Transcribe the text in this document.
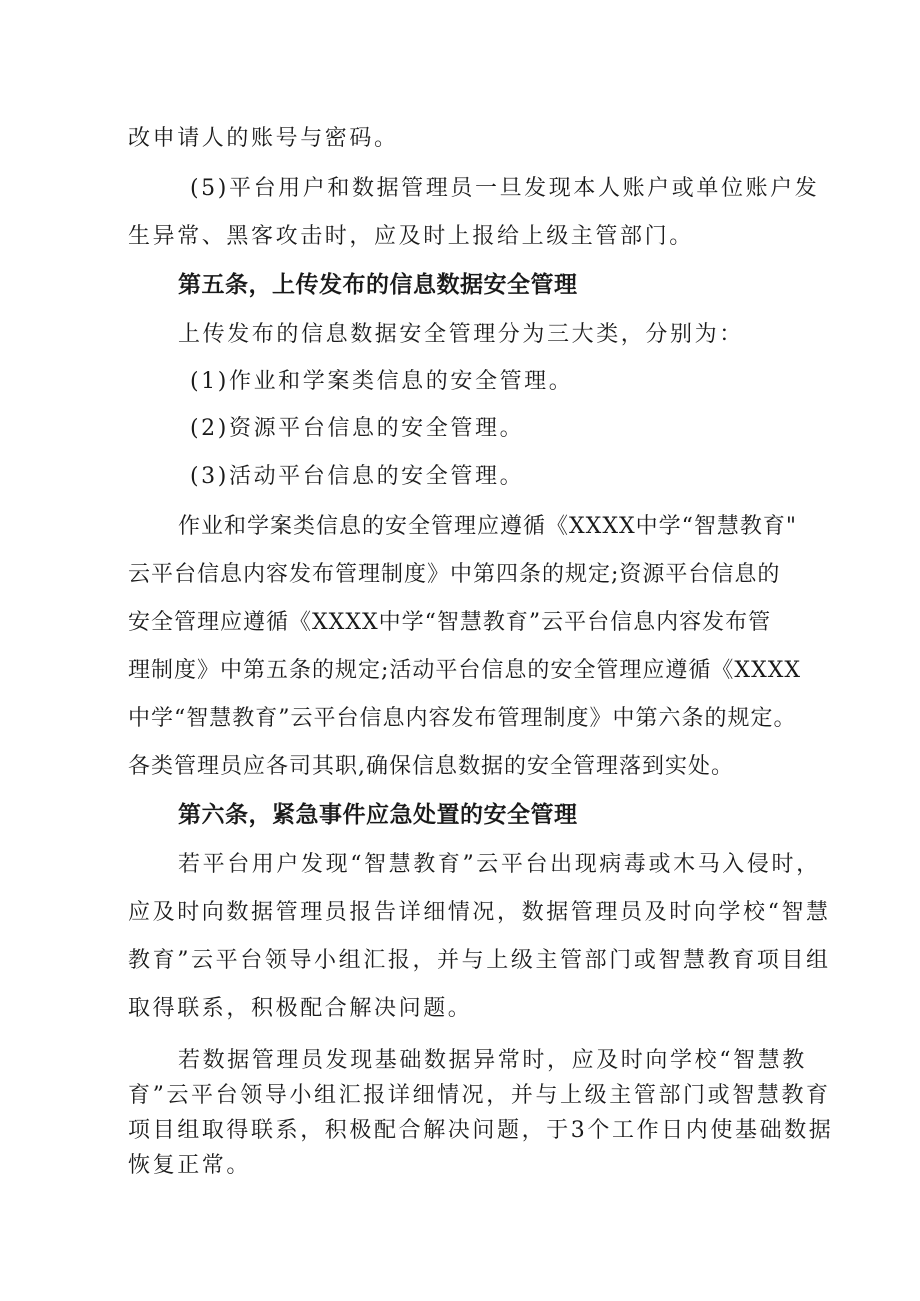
改申请人的账号与密码。

(5)平台用户和数据管理员一旦发现本人账户或单位账户发

生异常、黑客攻击时，应及时上报给上级主管部门。

第五条，上传发布的信息数据安全管理

上传发布的信息数据安全管理分为三大类，分别为：

(1)作业和学案类信息的安全管理。

(2)资源平台信息的安全管理。

(3)活动平台信息的安全管理。

作业和学案类信息的安全管理应遵循《XXXX中学“智慧教育"

云平台信息内容发布管理制度》中第四条的规定;资源平台信息的

安全管理应遵循《XXXX中学“智慧教育”云平台信息内容发布管

理制度》中第五条的规定;活动平台信息的安全管理应遵循《XXXX

中学“智慧教育”云平台信息内容发布管理制度》中第六条的规定。

各类管理员应各司其职,确保信息数据的安全管理落到实处。

第六条，紧急事件应急处置的安全管理

若平台用户发现“智慧教育”云平台出现病毒或木马入侵时，

应及时向数据管理员报告详细情况，数据管理员及时向学校“智慧

教育”云平台领导小组汇报，并与上级主管部门或智慧教育项目组

取得联系，积极配合解决问题。

若数据管理员发现基础数据异常时，应及时向学校“智慧教

育”云平台领导小组汇报详细情况，并与上级主管部门或智慧教育

项目组取得联系，积极配合解决问题，于3个工作日内使基础数据

恢复正常。
